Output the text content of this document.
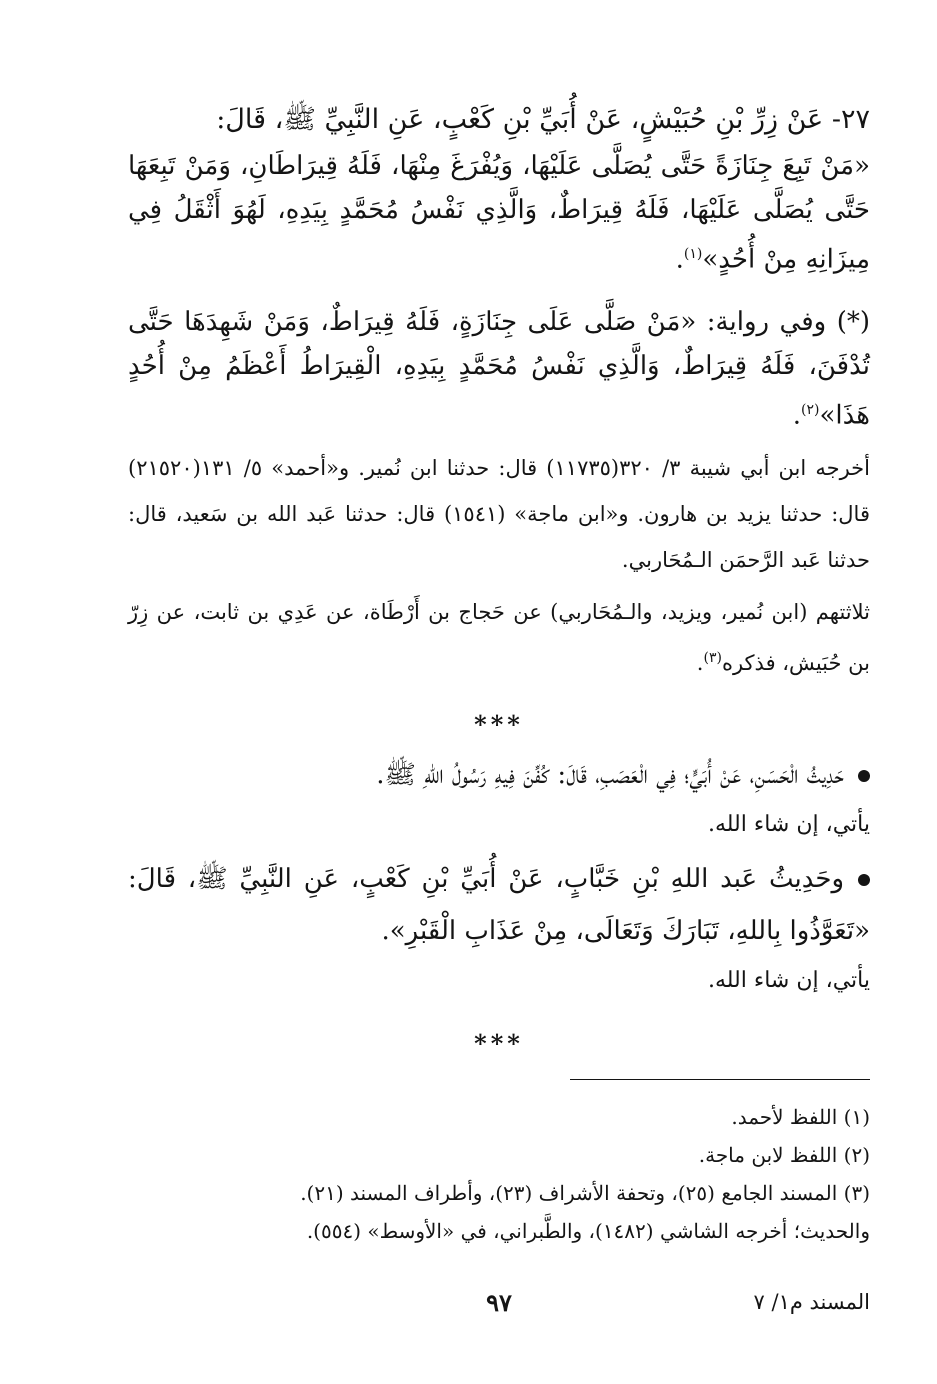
٢٧- عَنْ زِرِّ بْنِ حُبَيْشٍ، عَنْ أُبَيِّ بْنِ كَعْبٍ، عَنِ النَّبِيِّ ﷺ، قَالَ:

«مَنْ تَبِعَ جِنَازَةً حَتَّى يُصَلَّى عَلَيْهَا، وَيُفْرَغَ مِنْهَا، فَلَهُ قِيرَاطَانِ، وَمَنْ تَبِعَهَا حَتَّى يُصَلَّى عَلَيْهَا، فَلَهُ قِيرَاطٌ، وَالَّذِي نَفْسُ مُحَمَّدٍ بِيَدِهِ، لَهُوَ أَثْقَلُ فِي مِيزَانِهِ مِنْ أُحُدٍ»$^{(١)}$.

(*) وفي رواية: «مَنْ صَلَّى عَلَى جِنَازَةٍ، فَلَهُ قِيرَاطٌ، وَمَنْ شَهِدَهَا حَتَّى تُدْفَنَ، فَلَهُ قِيرَاطٌ، وَالَّذِي نَفْسُ مُحَمَّدٍ بِيَدِهِ، الْقِيرَاطُ أَعْظَمُ مِنْ أُحُدٍ هَذَا»$^{(٢)}$.

أخرجه ابن أبي شيبة ٣/ ٣٢٠(١١٧٣٥) قال: حدثنا ابن نُمير. و«أحمد» ٥/ ١٣١(٢١٥٢٠) قال: حدثنا يزيد بن هارون. و«ابن ماجة» (١٥٤١) قال: حدثنا عَبد الله بن سَعيد، قال: حدثنا عَبد الرَّحمَن الـمُحَاربي.

ثلاثتهم (ابن نُمير، ويزيد، والـمُحَاربي) عن حَجاج بن أَرْطَاة، عن عَدِي بن ثابت، عن زِرّ بن حُبَيش، فذكره$^{(٣)}$.

***

حَدِيثُ الْحَسَنِ، عَنْ أُبَيٍّ؛ فِي الْعَصَبِ، قَالَ: كُفِّنَ فِيهِ رَسُولُ اللهِ ﷺ.

يأتي، إن شاء الله.

وحَدِيثُ عَبد اللهِ بْنِ خَبَّابٍ، عَنْ أُبَيِّ بْنِ كَعْبٍ، عَنِ النَّبِيِّ ﷺ، قَالَ: «تَعَوَّذُوا بِاللهِ، تَبَارَكَ وَتَعَالَى، مِنْ عَذَابِ الْقَبْرِ».

يأتي، إن شاء الله.

***

(١) اللفظ لأحمد.

(٢) اللفظ لابن ماجة.

(٣) المسند الجامع (٢٥)، وتحفة الأشراف (٢٣)، وأطراف المسند (٢١).

والحديث؛ أخرجه الشاشي (١٤٨٢)، والطَّبراني، في «الأوسط» (٥٥٤).

المسند م١/ ٧
٩٧
